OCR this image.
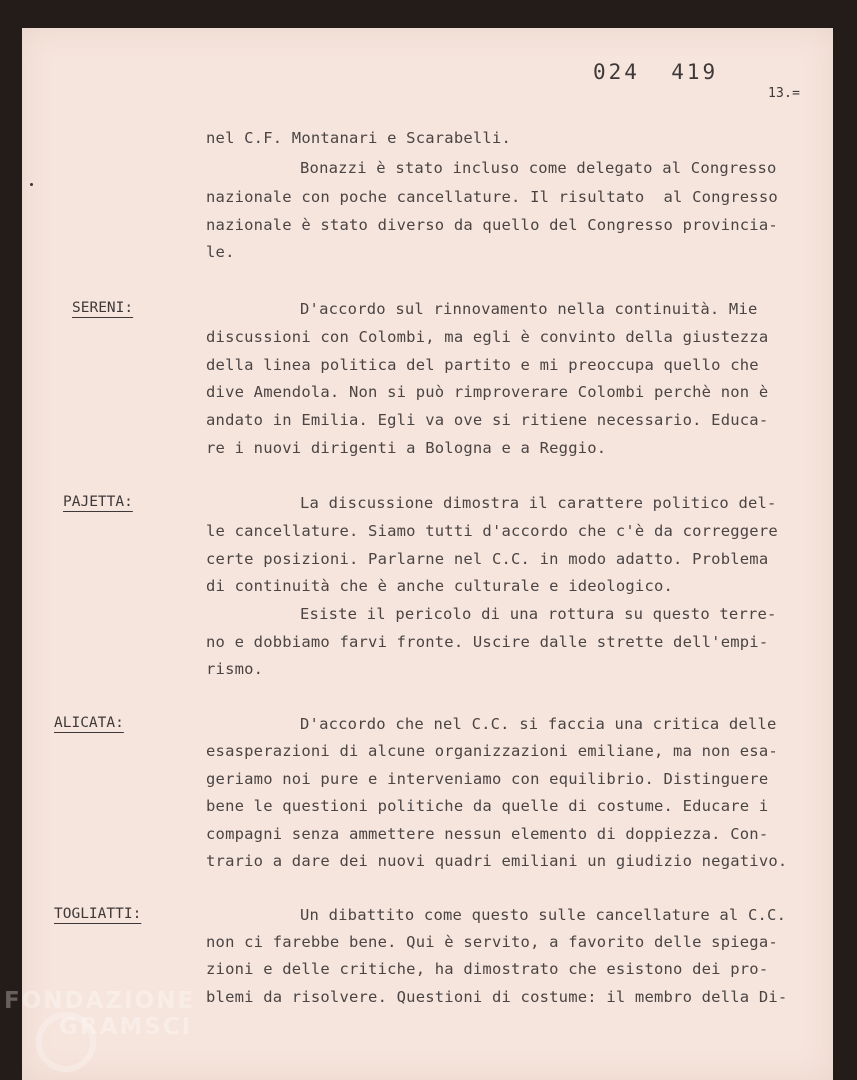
024  419
13.=
nel C.F. Montanari e Scarabelli.
Bonazzi è stato incluso come delegato al Congresso
nazionale con poche cancellature. Il risultato  al Congresso
nazionale è stato diverso da quello del Congresso provincia-
le.
SERENI:	D'accordo sul rinnovamento nella continuità. Mie
discussioni con Colombi, ma egli è convinto della giustezza
della linea politica del partito e mi preoccupa quello che
dive Amendola. Non si può rimproverare Colombi perchè non è
andato in Emilia. Egli va ove si ritiene necessario. Educa-
re i nuovi dirigenti a Bologna e a Reggio.
PAJETTA:	La discussione dimostra il carattere politico del-
le cancellature. Siamo tutti d'accordo che c'è da correggere
certe posizioni. Parlarne nel C.C. in modo adatto. Problema
di continuità che è anche culturale e ideologico.
Esiste il pericolo di una rottura su questo terre-
no e dobbiamo farvi fronte. Uscire dalle strette dell'empi-
rismo.
ALICATA:	D'accordo che nel C.C. si faccia una critica delle
esasperazioni di alcune organizzazioni emiliane, ma non esa-
geriamo noi pure e interveniamo con equilibrio. Distinguere
bene le questioni politiche da quelle di costume. Educare i
compagni senza ammettere nessun elemento di doppiezza. Con-
trario a dare dei nuovi quadri emiliani un giudizio negativo.
TOGLIATTI:	Un dibattito come questo sulle cancellature al C.C.
non ci farebbe bene. Qui è servito, a favorito delle spiega-
zioni e delle critiche, ha dimostrato che esistono dei pro-
blemi da risolvere. Questioni di costume: il membro della Di-
FONDAZIONE
GRAMSCI
